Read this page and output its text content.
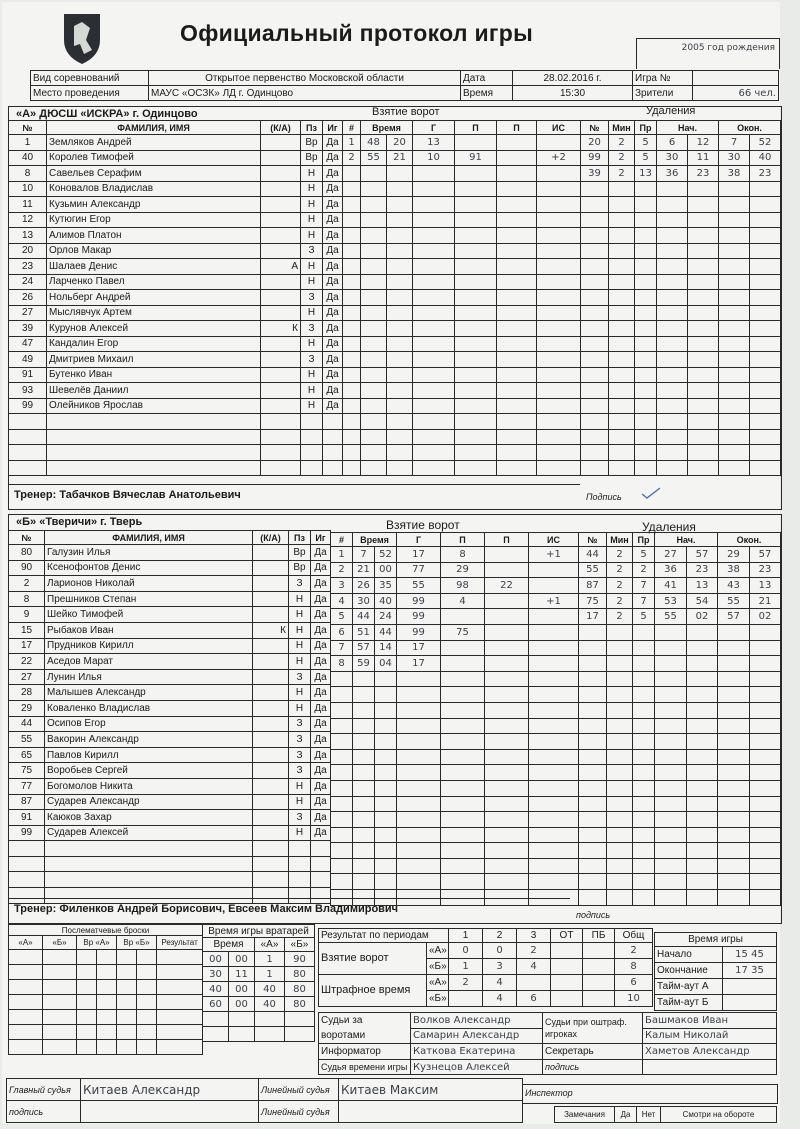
Официальный протокол игры
2005 год рождения
Вид соревнований	Открытое первенство Московской области	Дата	28.02.2016 г.	Игра №	
Место проведения	МАУС «ОСЗК» ЛД г. Одинцово	Время	15:30	Зрители	66 чел.
«А» ДЮСШ «ИСКРА» г. Одинцово	Взятие ворот	Удаления
№	ФАМИЛИЯ, ИМЯ	(К/А)	Пз	Иг
1	Земляков Андрей		Вр	Да
40	Королев Тимофей		Вр	Да
8	Савельев Серафим		Н	Да
10	Коновалов Владислав		Н	Да
11	Кузьмин Александр		Н	Да
12	Кутюгин Егор		Н	Да
13	Алимов Платон		Н	Да
20	Орлов Макар		З	Да
23	Шалаев Денис	А	Н	Да
24	Ларченко Павел		Н	Да
26	Нольберг Андрей		З	Да
27	Мыслявчук Артем		Н	Да
39	Курунов Алексей	К	З	Да
47	Кандалин Егор		Н	Да
49	Дмитриев Михаил		З	Да
91	Бутенко Иван		Н	Да
93	Шевелёв Даниил		Н	Да
99	Олейников Ярослав		Н	Да

#	Время		Г	П	П	ИС
1	48	20	13			
2	55	21	10	91		+2

№	Мин	Пр	Нач.		Окон.	
20	2	5	6	12	7	52
99	2	5	30	11	30	40
39	2	13	36	23	38	23

Тренер: Табачков Вячеслав Анатольевич	Подпись
«Б» «Тверичи» г. Тверь	Взятие ворот	Удаления
№	ФАМИЛИЯ, ИМЯ	(К/А)	Пз	Иг
80	Галузин Илья		Вр	Да
90	Ксенофонтов Денис		Вр	Да
2	Ларионов Николай		З	Да
8	Прешников Степан		Н	Да
9	Шейко Тимофей		Н	Да
15	Рыбаков Иван	К	Н	Да
17	Прудников Кирилл		Н	Да
22	Аседов Марат		Н	Да
27	Лунин Илья		З	Да
28	Малышев Александр		Н	Да
29	Коваленко Владислав		Н	Да
44	Осипов Егор		З	Да
55	Вакорин Александр		З	Да
65	Павлов Кирилл		З	Да
75	Воробьев Сергей		З	Да
77	Богомолов Никита		Н	Да
87	Сударев Александр		Н	Да
91	Каюков Захар		З	Да
99	Сударев Алексей		Н	Да

#	Время		Г	П	П	ИС
1	7	52	17	8		+1
2	21	00	77	29		
3	26	35	55	98	22	
4	30	40	99	4		+1
5	44	24	99			
6	51	44	99	75		
7	57	14	17			
8	59	04	17			

№	Мин	Пр	Нач.		Окон.	
44	2	5	27	57	29	57
55	2	2	36	23	38	23
87	2	7	41	13	43	13
75	2	7	53	54	55	21
17	2	5	55	02	57	02

Тренер: Филенков Андрей Борисович, Евсеев Максим Владимирович	подпись
Послематчевые броски						
«А»	«Б»	Вр «А»		Вр «Б»		Результат

Время игры вратарей			
Время		«А»	«Б»
00	00	1	90
30	11	1	80
40	00	40	80
60	00	40	80

Результат по периодам		1	2	3	ОТ	ПБ	Общ
Взятие ворот	«А»	0	0	2			2
	«Б»	1	3	4			8
Штрафное время	«А»	2	4				6
	«Б»		4	6			10
Время игры	
Начало	15 45
Окончание	17 35
Тайм-аут А	
Тайм-аут Б	
Судьи за воротами	Волков Александр	Судьи при оштраф. игроках	Башмаков Иван
	Самарин Александр		Калым Николай
Информатор	Каткова Екатерина	Секретарь	Хаметов Александр
Судья времени игры	Кузнецов Алексей	подпись	
Главный судья	Китаев Александр	Линейный судья	Китаев Максим
подпись		Линейный судья	
Инспектор
Замечания	Да	Нет	Смотри на обороте
